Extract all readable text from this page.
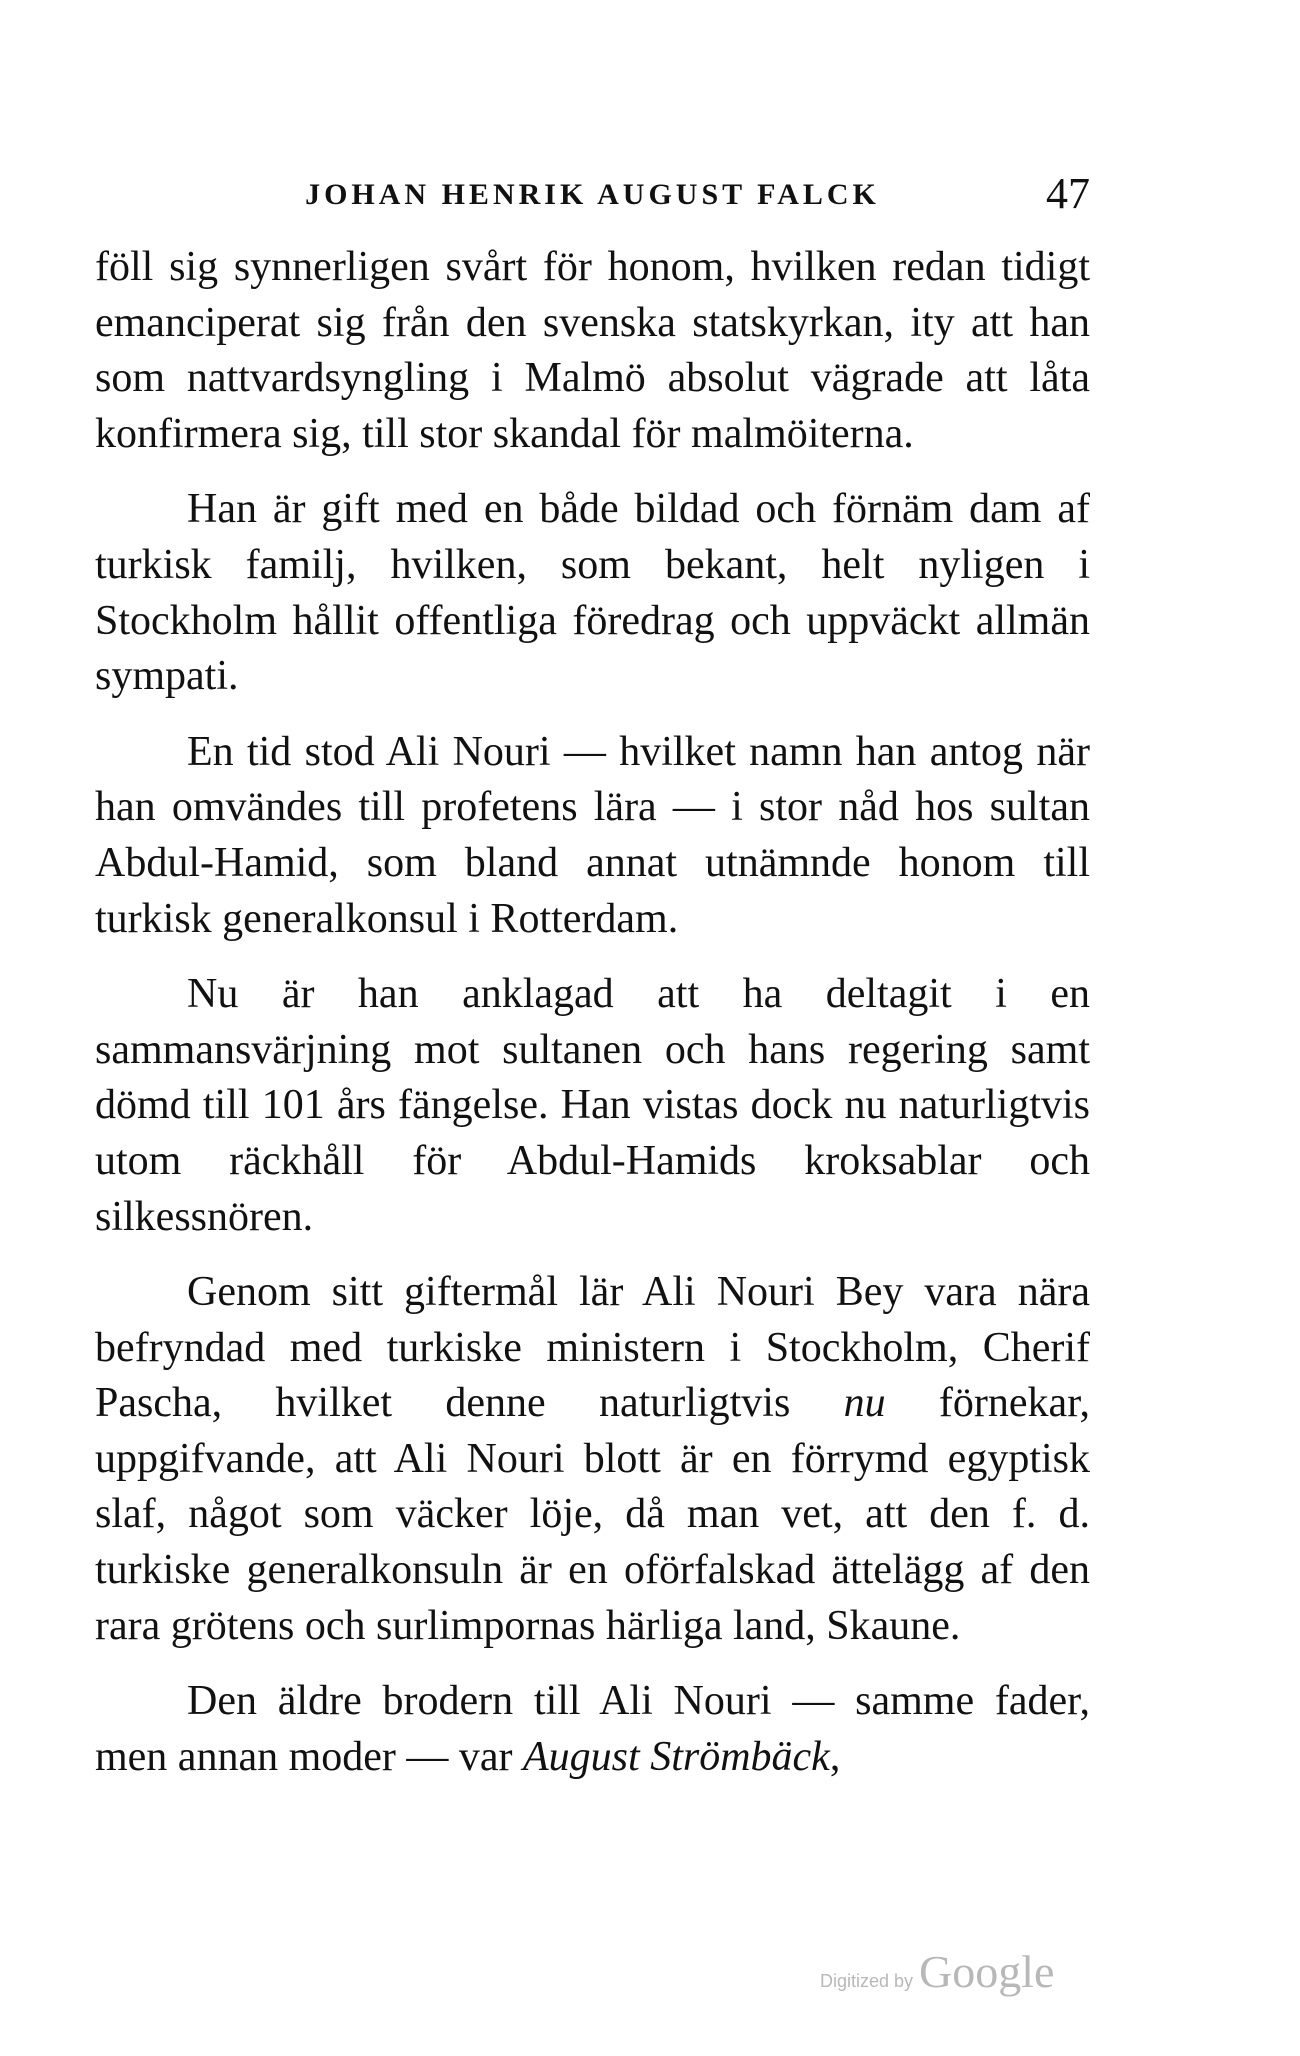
JOHAN HENRIK AUGUST FALCK	47

föll sig synnerligen svårt för honom, hvilken redan tidigt emanciperat sig från den svenska statskyrkan, ity att han som nattvardsyngling i Malmö absolut vägrade att låta konfirmera sig, till stor skandal för malmöiterna.

Han är gift med en både bildad och förnäm dam af turkisk familj, hvilken, som bekant, helt nyligen i Stockholm hållit offentliga föredrag och uppväckt allmän sympati.

En tid stod Ali Nouri — hvilket namn han antog när han omvändes till profetens lära — i stor nåd hos sultan Abdul-Hamid, som bland annat utnämnde honom till turkisk generalkonsul i Rotterdam.

Nu är han anklagad att ha deltagit i en sammansvärjning mot sultanen och hans regering samt dömd till 101 års fängelse. Han vistas dock nu naturligtvis utom räckhåll för Abdul-Hamids kroksablar och silkessnören.

Genom sitt giftermål lär Ali Nouri Bey vara nära befryndad med turkiske ministern i Stockholm, Cherif Pascha, hvilket denne naturligtvis nu förnekar, uppgifvande, att Ali Nouri blott är en förrymd egyptisk slaf, något som väcker löje, då man vet, att den f. d. turkiske generalkonsuln är en oförfalskad ättelägg af den rara grötens och surlimpornas härliga land, Skaune.

Den äldre brodern till Ali Nouri — samme fader, men annan moder — var August Strömbäck,

Digitized by Google
